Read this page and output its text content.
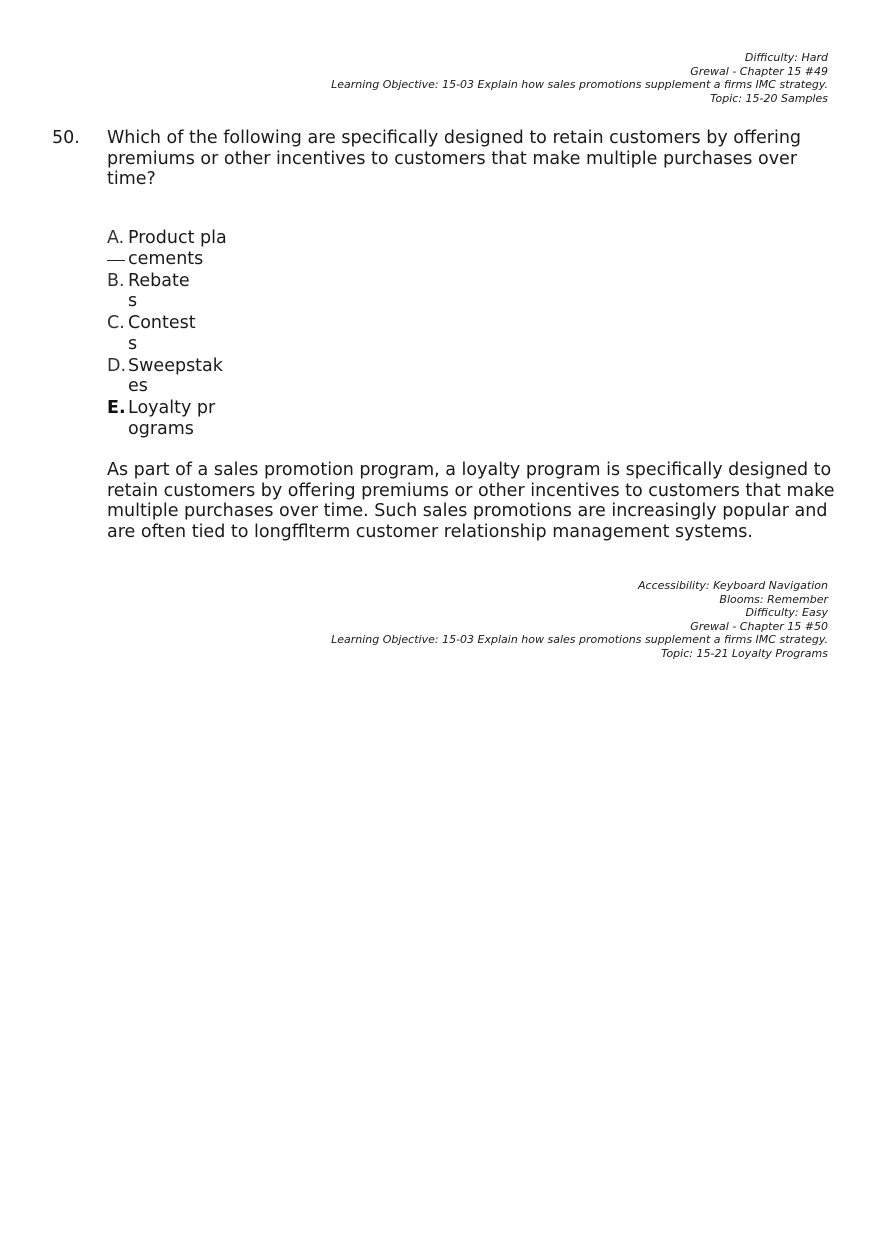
Difficulty: Hard
Grewal - Chapter 15 #49
Learning Objective: 15-03 Explain how sales promotions supplement a firms IMC strategy.
Topic: 15-20 Samples
50. Which of the following are specifically designed to retain customers by offering premiums or other incentives to customers that make multiple purchases over time?
A. Product placements
B. Rebates
C. Contests
D. Sweepstakes
E. Loyalty programs
As part of a sales promotion program, a loyalty program is specifically designed to retain customers by offering premiums or other incentives to customers that make multiple purchases over time. Such sales promotions are increasingly popular and are often tied to longfflterm customer relationship management systems.
Accessibility: Keyboard Navigation
Blooms: Remember
Difficulty: Easy
Grewal - Chapter 15 #50
Learning Objective: 15-03 Explain how sales promotions supplement a firms IMC strategy.
Topic: 15-21 Loyalty Programs
